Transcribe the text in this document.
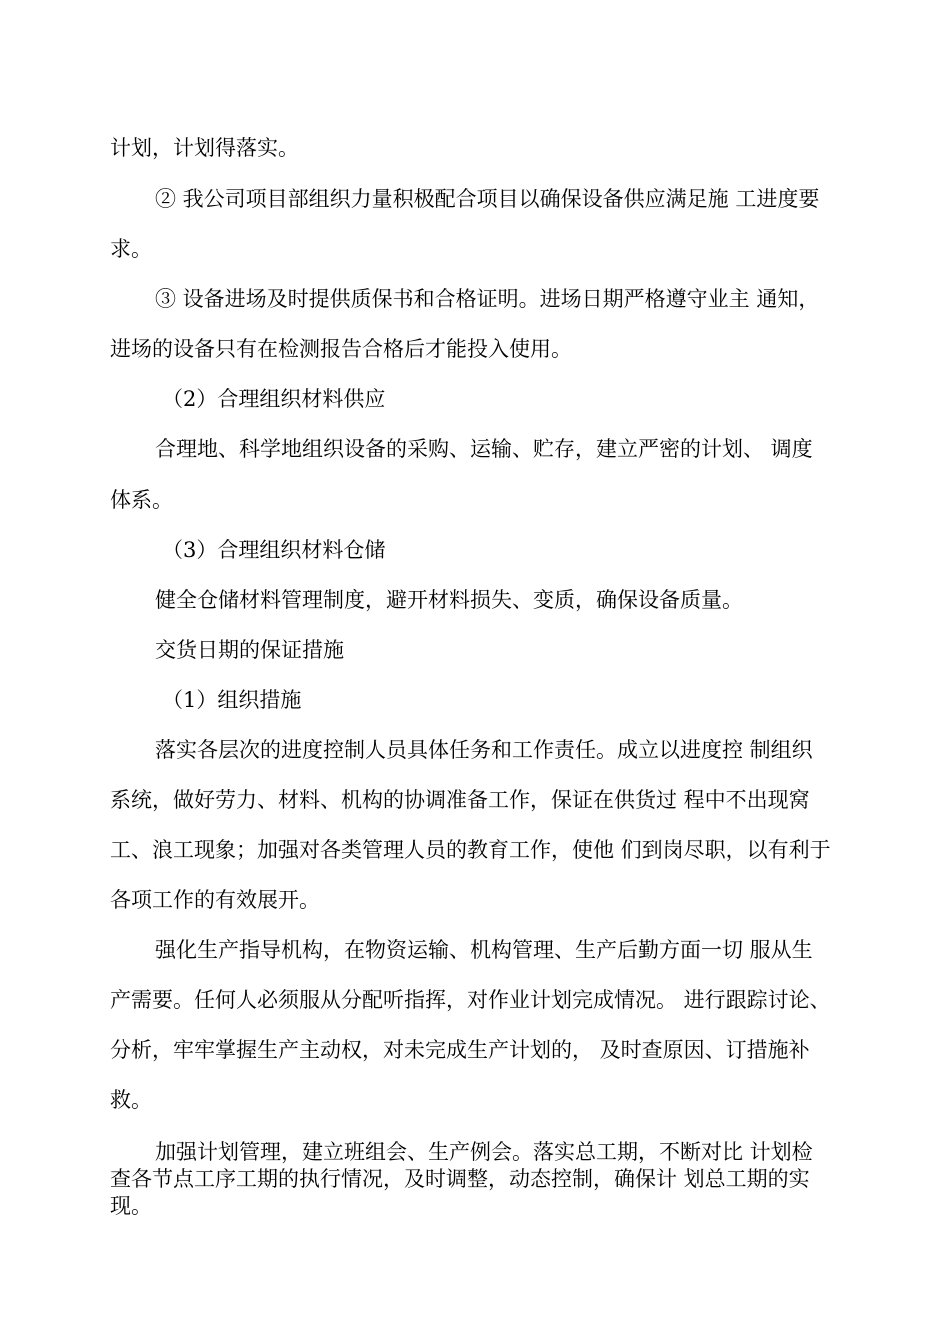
计划，计划得落实。
② 我公司项目部组织力量积极配合项目以确保设备供应满足施 工进度要
求。
③ 设备进场及时提供质保书和合格证明。进场日期严格遵守业主 通知，
进场的设备只有在检测报告合格后才能投入使用。
（2）合理组织材料供应
合理地、科学地组织设备的采购、运输、贮存，建立严密的计划、 调度
体系。
（3）合理组织材料仓储
健全仓储材料管理制度，避开材料损失、变质，确保设备质量。
交货日期的保证措施
（1）组织措施
落实各层次的进度控制人员具体任务和工作责任。成立以进度控 制组织
系统，做好劳力、材料、机构的协调准备工作，保证在供货过 程中不出现窝
工、浪工现象；加强对各类管理人员的教育工作，使他 们到岗尽职，以有利于
各项工作的有效展开。
强化生产指导机构，在物资运输、机构管理、生产后勤方面一切 服从生
产需要。任何人必须服从分配听指挥，对作业计划完成情况。 进行跟踪讨论、
分析，牢牢掌握生产主动权，对未完成生产计划的， 及时查原因、订措施补
救。
加强计划管理，建立班组会、生产例会。落实总工期，不断对比 计划检
查各节点工序工期的执行情况，及时调整，动态控制，确保计 划总工期的实
现。
